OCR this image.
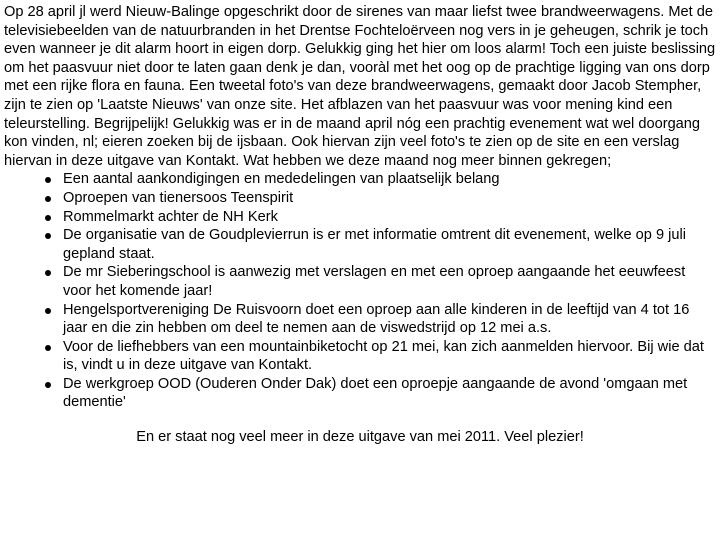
Op 28 april jl werd Nieuw-Balinge opgeschrikt door de sirenes van maar liefst twee brandweerwagens. Met de televisiebeelden van de natuurbranden in het Drentse Fochteloërveen nog vers in je geheugen, schrik je toch even wanneer je dit alarm hoort in eigen dorp. Gelukkig ging het hier om loos alarm! Toch een juiste beslissing om het paasvuur niet door te laten gaan denk je dan, vooràl met het oog op de prachtige ligging van ons dorp met een rijke flora en fauna. Een tweetal foto's van deze brandweerwagens, gemaakt door Jacob Stempher, zijn te zien op 'Laatste Nieuws' van onze site. Het afblazen van het paasvuur was voor mening kind een teleurstelling. Begrijpelijk! Gelukkig was er in de maand april nóg een prachtig evenement wat wel doorgang kon vinden, nl; eieren zoeken bij de ijsbaan. Ook hiervan zijn veel foto's te zien op de site en een verslag hiervan in deze uitgave van Kontakt. Wat hebben we deze maand nog meer binnen gekregen;

Een aantal aankondigingen en mededelingen van plaatselijk belang
Oproepen van tienersoos Teenspirit
Rommelmarkt achter de NH Kerk
De organisatie van de Goudplevierrun is er met informatie omtrent dit evenement, welke op 9 juli gepland staat.
De mr Sieberingschool is aanwezig met verslagen en met een oproep aangaande het eeuwfeest voor het komende jaar!
Hengelsportvereniging De Ruisvoorn doet een oproep aan alle kinderen in de leeftijd van 4 tot 16 jaar en die zin hebben om deel te nemen aan de viswedstrijd op 12 mei a.s.
Voor de liefhebbers van een mountainbiketocht op 21 mei, kan zich aanmelden hiervoor. Bij wie dat is, vindt u in deze uitgave van Kontakt.
De werkgroep OOD (Ouderen Onder Dak) doet een oproepje aangaande de avond 'omgaan met dementie'

En er staat nog veel meer in deze uitgave van mei 2011. Veel plezier!
